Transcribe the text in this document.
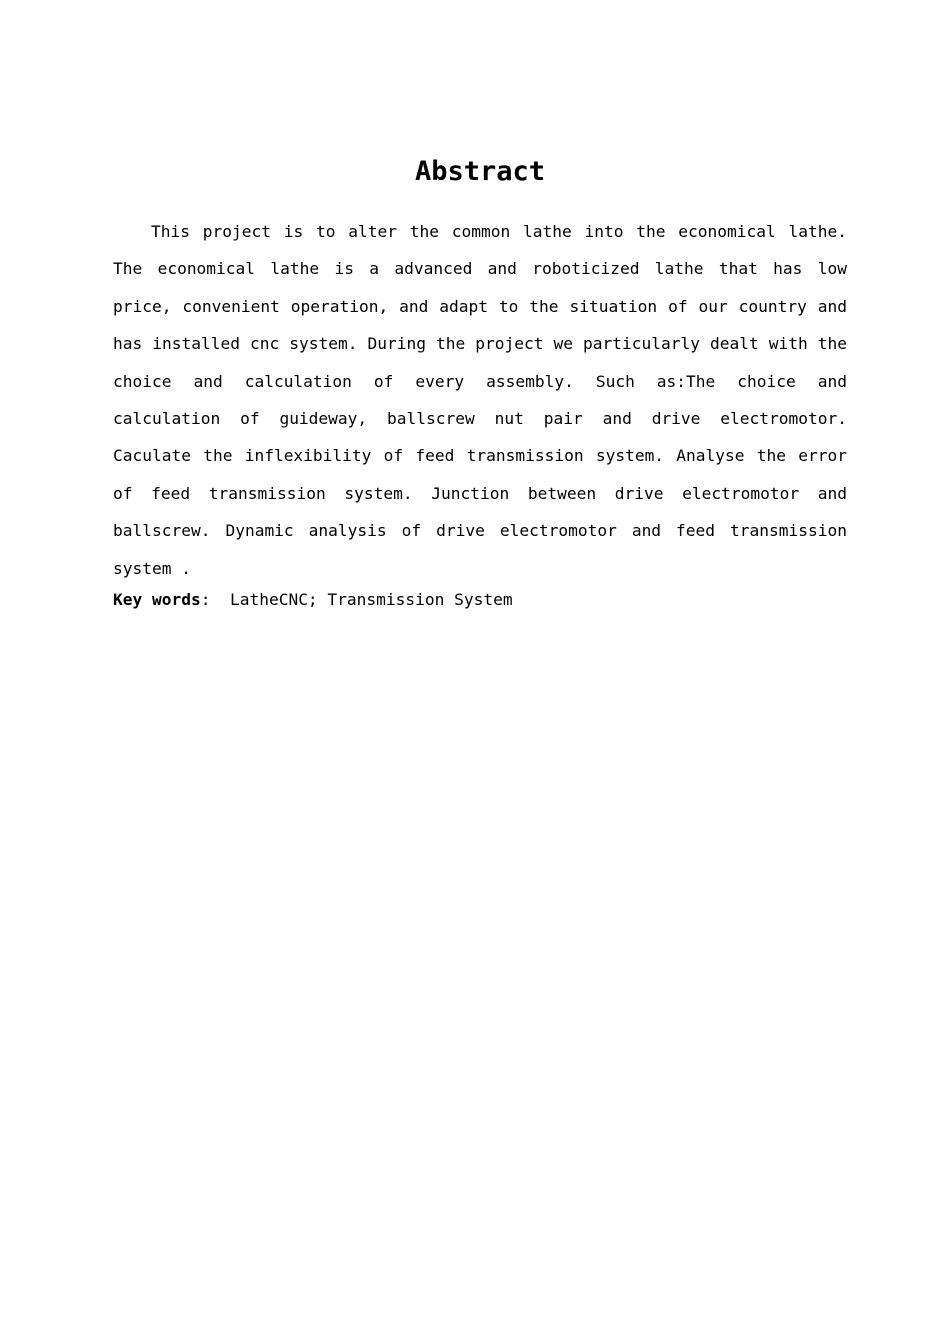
Abstract

This project is to alter the common lathe into the economical lathe. The economical lathe is a advanced and roboticized lathe that has low price, convenient operation, and adapt to the situation of our country and has installed cnc system. During the project we particularly dealt with the choice and calculation of every assembly. Such as:The choice and calculation of guideway, ballscrew nut pair and drive electromotor. Caculate the inflexibility of feed transmission system. Analyse the error of feed transmission system. Junction between drive electromotor and ballscrew. Dynamic analysis of drive electromotor and feed transmission system .

Key words:  LatheCNC; Transmission System
